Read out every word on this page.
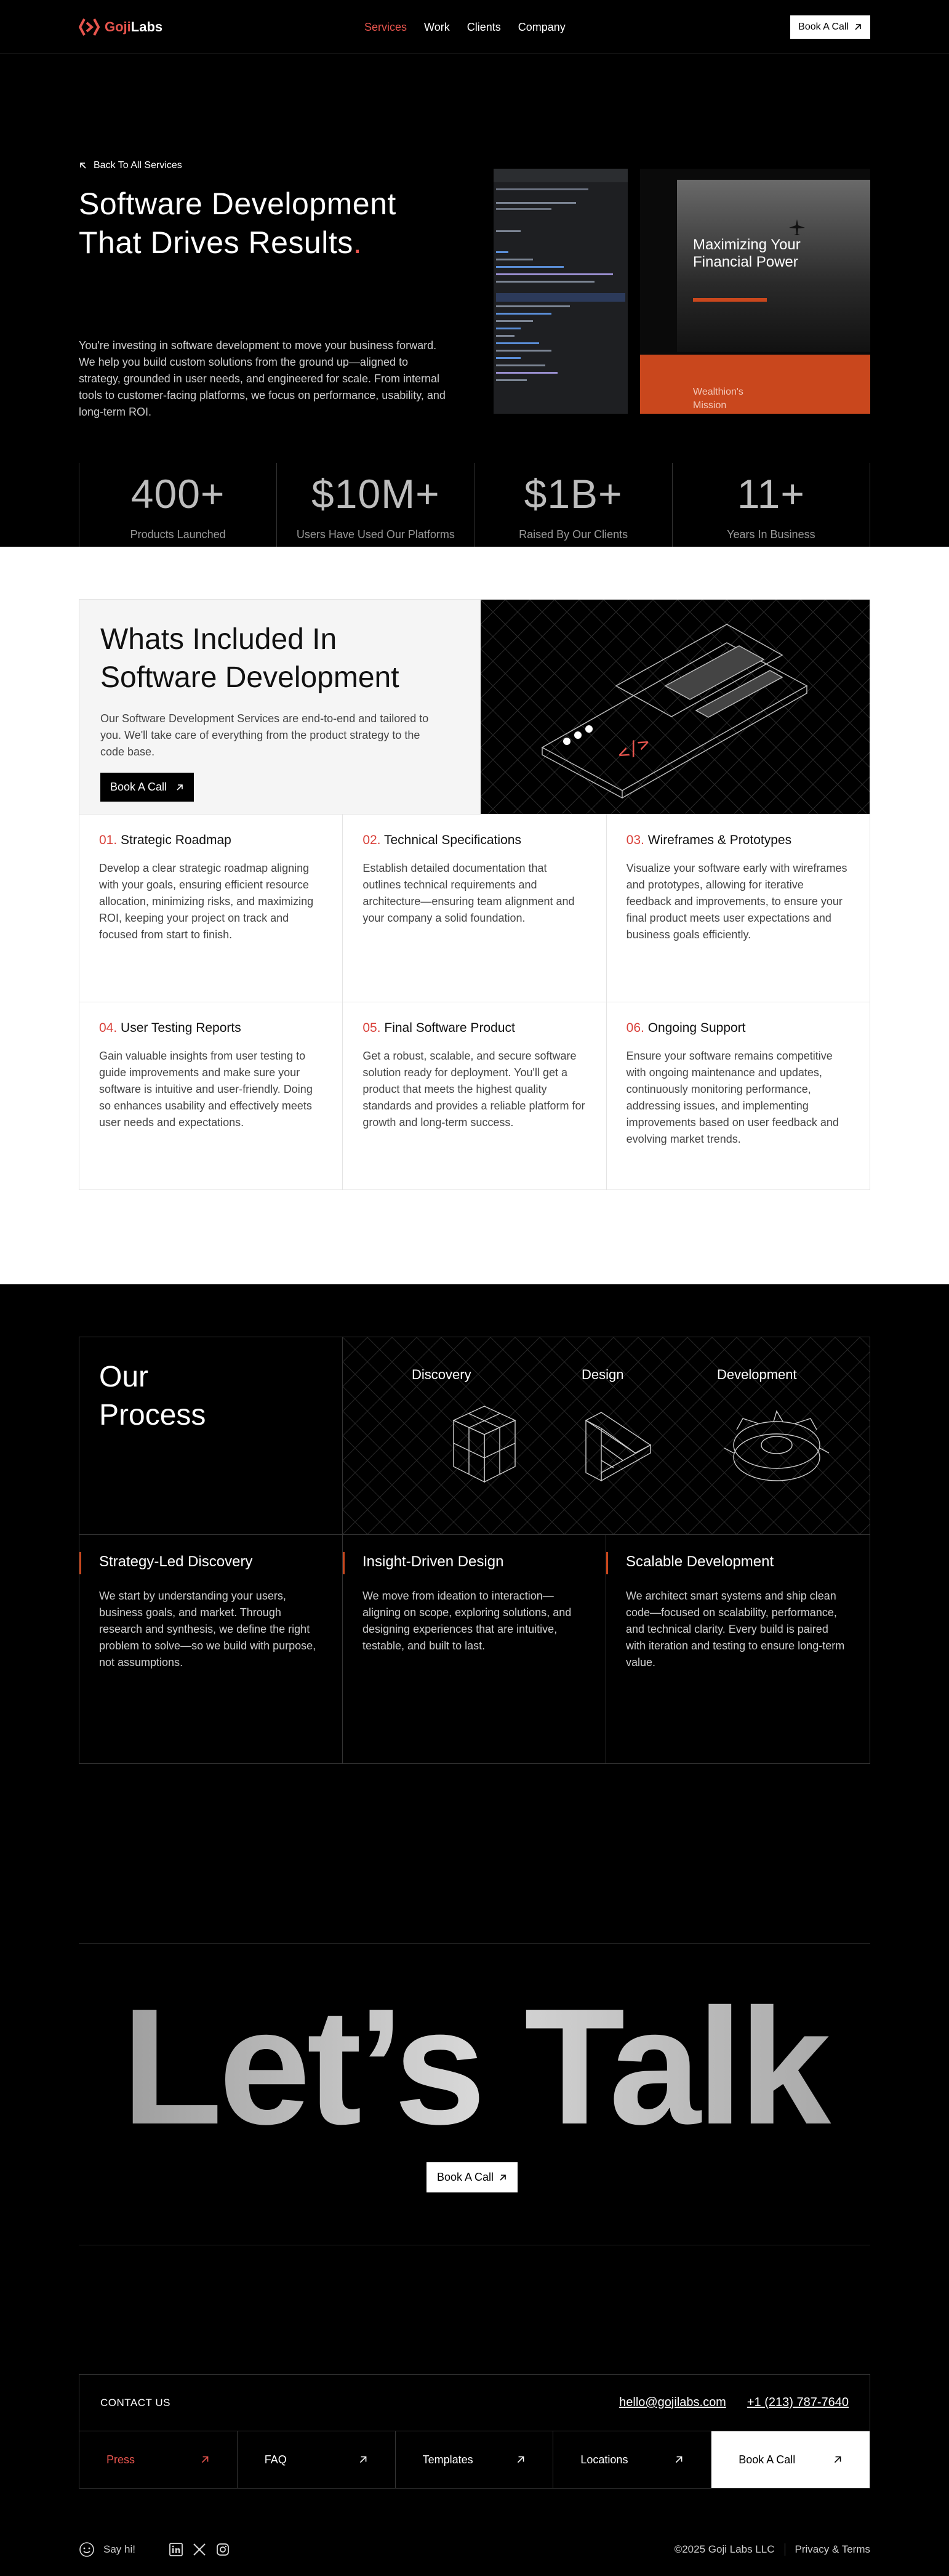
Goji Labs	Services Work Clients Company	Book A Call
Back To All Services
Software Development That Drives Results.

You're investing in software development to move your business forward. We help you build custom solutions from the ground up—aligned to strategy, grounded in user needs, and engineered for scale. From internal tools to customer-facing platforms, we focus on performance, usability, and long-term ROI.

Maximizing Your Financial Power
Wealthion's Mission
400+
Products Launched
$10M+
Users Have Used Our Platforms
$1B+
Raised By Our Clients
11+
Years In Business
Whats Included In Software Development
Our Software Development Services are end-to-end and tailored to you. We'll take care of everything from the product strategy to the code base.
Book A Call
</>
01. Strategic Roadmap

Develop a clear strategic roadmap aligning with your goals, ensuring efficient resource allocation, minimizing risks, and maximizing ROI, keeping your project on track and focused from start to finish.

02. Technical Specifications

Establish detailed documentation that outlines technical requirements and architecture—ensuring team alignment and your company a solid foundation.

03. Wireframes & Prototypes

Visualize your software early with wireframes and prototypes, allowing for iterative feedback and improvements, to ensure your final product meets user expectations and business goals efficiently.

04. User Testing Reports

Gain valuable insights from user testing to guide improvements and make sure your software is intuitive and user-friendly. Doing so enhances usability and effectively meets user needs and expectations.

05. Final Software Product

Get a robust, scalable, and secure software solution ready for deployment. You'll get a product that meets the highest quality standards and provides a reliable platform for growth and long-term success.

06. Ongoing Support

Ensure your software remains competitive with ongoing maintenance and updates, continuously monitoring performance, addressing issues, and implementing improvements based on user feedback and evolving market trends.

Our Process
Discovery	Design	Development
Strategy-Led Discovery

We start by understanding your users, business goals, and market. Through research and synthesis, we define the right problem to solve—so we build with purpose, not assumptions.

Insight-Driven Design

We move from ideation to interaction—aligning on scope, exploring solutions, and designing experiences that are intuitive, testable, and built to last.

Scalable Development

We architect smart systems and ship clean code—focused on scalability, performance, and technical clarity. Every build is paired with iteration and testing to ensure long-term value.

Let’s Talk
Book A Call
CONTACT US	hello@gojilabs.com +1 (213) 787-7640
Press	FAQ	Templates	Locations	Book A Call
Say hi!	©2025 Goji Labs LLC Privacy & Terms
